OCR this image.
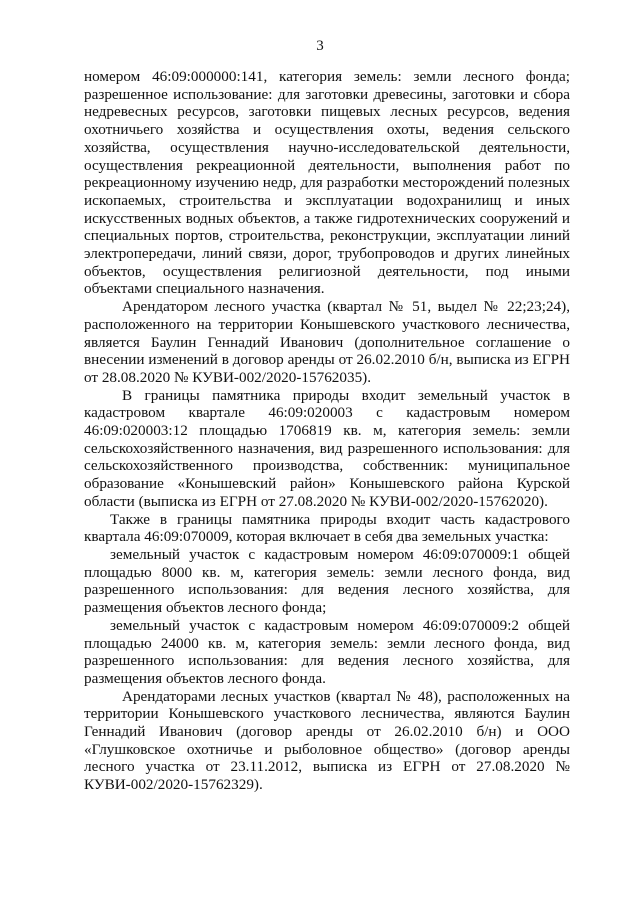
3

номером 46:09:000000:141, категория земель: земли лесного фонда; разрешенное использование: для заготовки древесины, заготовки и сбора недревесных ресурсов, заготовки пищевых лесных ресурсов, ведения охотничьего хозяйства и осуществления охоты, ведения сельского хозяйства, осуществления научно-исследовательской деятельности, осуществления рекреационной деятельности, выполнения работ по рекреационному изучению недр, для разработки месторождений полезных ископаемых, строительства и эксплуатации водохранилищ и иных искусственных водных объектов, а также гидротехнических сооружений и специальных портов, строительства, реконструкции, эксплуатации линий электропередачи, линий связи, дорог, трубопроводов и других линейных объектов, осуществления религиозной деятельности, под иными объектами специального назначения.

Арендатором лесного участка (квартал № 51, выдел № 22;23;24), расположенного на территории Конышевского участкового лесничества, является Баулин Геннадий Иванович (дополнительное соглашение о внесении изменений в договор аренды от 26.02.2010 б/н, выписка из ЕГРН от 28.08.2020 № КУВИ-002/2020-15762035).

В границы памятника природы входит земельный участок в кадастровом квартале 46:09:020003 с кадастровым номером 46:09:020003:12 площадью 1706819 кв. м, категория земель: земли сельскохозяйственного назначения, вид разрешенного использования: для сельскохозяйственного производства, собственник: муниципальное образование «Конышевский район» Конышевского района Курской области (выписка из ЕГРН от 27.08.2020 № КУВИ-002/2020-15762020).

Также в границы памятника природы входит часть кадастрового квартала 46:09:070009, которая включает в себя два земельных участка:

земельный участок с кадастровым номером 46:09:070009:1 общей площадью 8000 кв. м, категория земель: земли лесного фонда, вид разрешенного использования: для ведения лесного хозяйства, для размещения объектов лесного фонда;

земельный участок с кадастровым номером 46:09:070009:2 общей площадью 24000 кв. м, категория земель: земли лесного фонда, вид разрешенного использования: для ведения лесного хозяйства, для размещения объектов лесного фонда.

Арендаторами лесных участков (квартал № 48), расположенных на территории Конышевского участкового лесничества, являются Баулин Геннадий Иванович (договор аренды от 26.02.2010 б/н) и ООО «Глушковское охотничье и рыболовное общество» (договор аренды лесного участка от 23.11.2012, выписка из ЕГРН от 27.08.2020 № КУВИ-002/2020-15762329).
